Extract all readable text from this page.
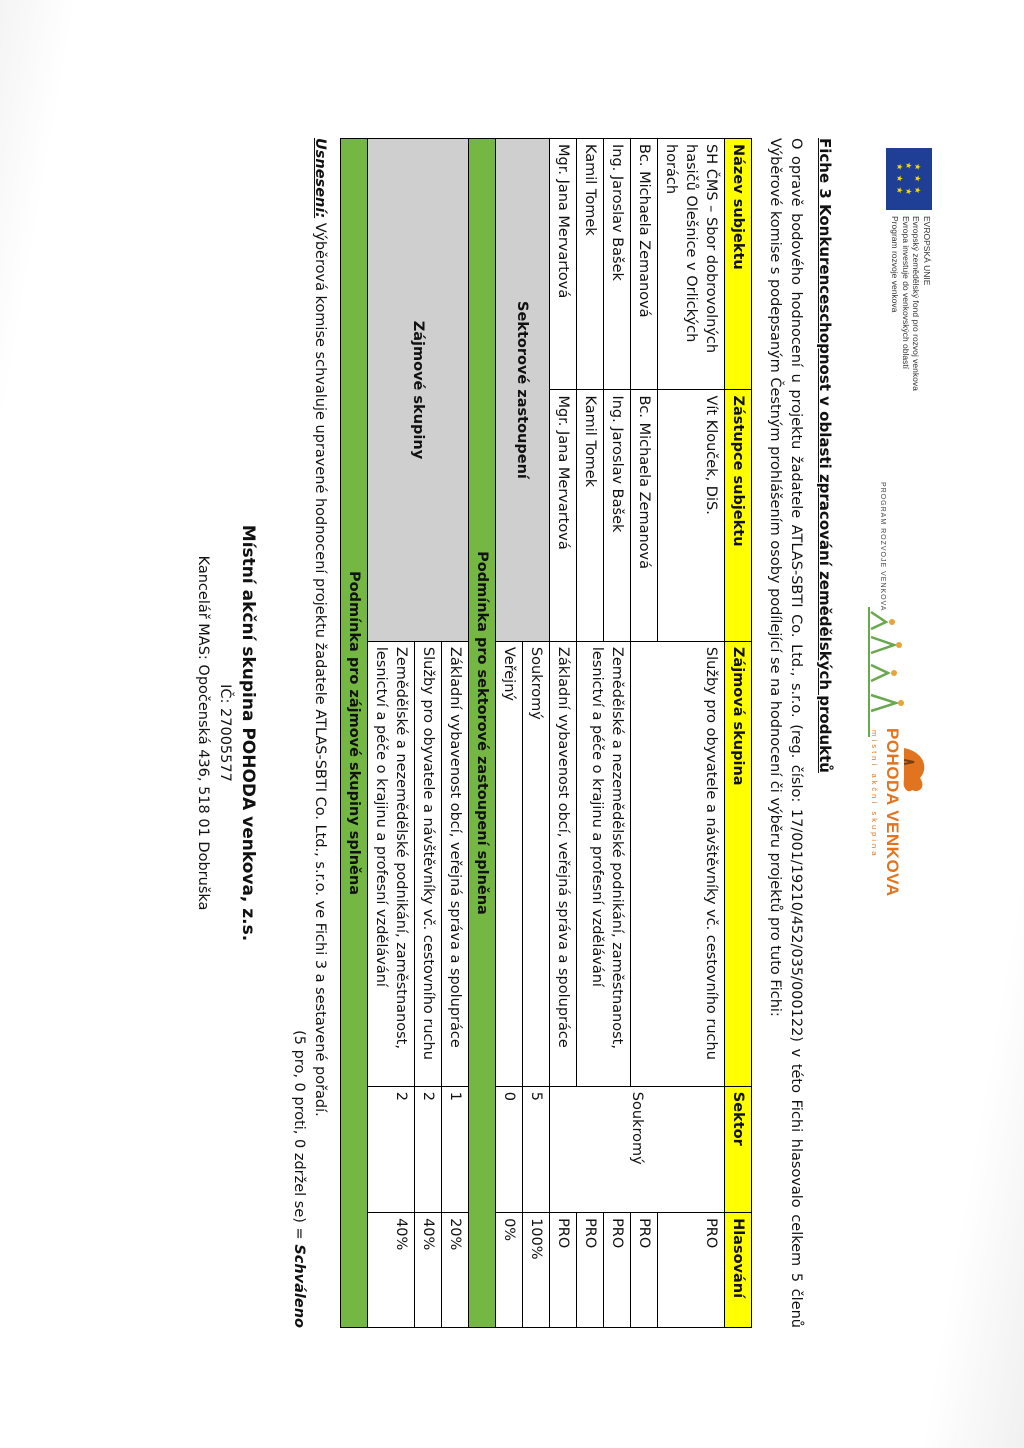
★ ★ ★
★     ★
★ ★ ★
EVROPSKÁ UNIE
Evropský zemědělský fond pro rozvoj venkova
Evropa investuje do venkovských oblastí
Program rozvoje venkova
PROGRAM ROZVOJE VENKOVA
POHODA VENKOVA
místní akční skupina

Fiche 3 Konkurenceschopnost v oblasti zpracování zemědělských produktů

O opravě bodového hodnocení u projektu žadatele ATLAS-SBTI Co. Ltd., s.r.o. (reg. číslo: 17/001/19210/452/035/000122) v této Fichi hlasovalo celkem 5 členů Výběrové komise s podepsaným Čestným prohlášením osoby podílející se na hodnocení či výběru projektů pro tuto Fichi:

Název subjektu	Zástupce subjektu	Zájmová skupina	Sektor	Hlasování
SH ČMS – Sbor dobrovolných hasičů Olešnice v Orlických horách	Vít Klouček, DiS.	Služby pro obyvatele a návštěvníky vč. cestovního ruchu	Soukromý	PRO
Bc. Michaela Zemanová	Bc. Michaela Zemanová			PRO
Ing. Jaroslav Bašek	Ing. Jaroslav Bašek	Zemědělské a nezemědělské podnikání, zaměstnanost, lesnictví a péče o krajinu a profesní vzdělávání		PRO
Kamil Tomek	Kamil Tomek			PRO
Mgr. Jana Mervartová	Mgr. Jana Mervartová	Základní vybavenost obcí, veřejná správa a spolupráce		PRO
Sektorové zastoupení		Soukromý	5	100%
		Veřejný	0	0%
Podmínka pro sektorové zastoupení splněna				
Zájmové skupiny		Základní vybavenost obcí, veřejná správa a spolupráce	1	20%
		Služby pro obyvatele a návštěvníky vč. cestovního ruchu	2	40%
		Zemědělské a nezemědělské podnikání, zaměstnanost, lesnictví a péče o krajinu a profesní vzdělávání	2	40%
Podmínka pro zájmové skupiny splněna				
Usnesení: Výběrová komise schvaluje upravené hodnocení projektu žadatele ATLAS-SBTI Co. Ltd., s.r.o. ve Fichi 3 a sestavené pořadí.
(5 pro, 0 proti, 0 zdržel se) = Schváleno
Místní akční skupina POHODA venkova, z.s.
IČ: 27005577
Kancelář MAS: Opočenská 436, 518 01 Dobruška
